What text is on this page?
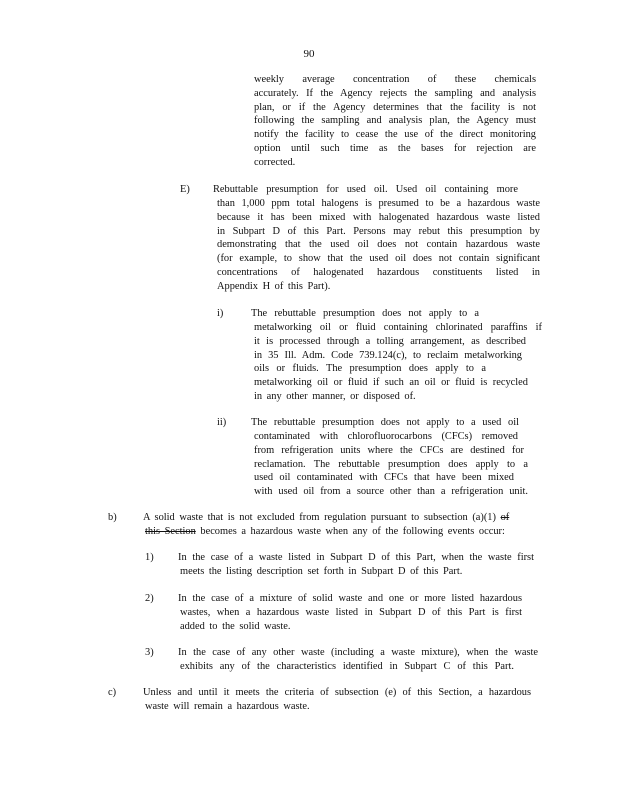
90
weekly average concentration of these chemicals
accurately. If the Agency rejects the sampling and analysis
plan, or if the Agency determines that the facility is not
following the sampling and analysis plan, the Agency must
notify the facility to cease the use of the direct monitoring
option until such time as the bases for rejection are
corrected.
E) Rebuttable presumption for used oil. Used oil containing more
than 1,000 ppm total halogens is presumed to be a hazardous waste
because it has been mixed with halogenated hazardous waste listed
in Subpart D of this Part. Persons may rebut this presumption by
demonstrating that the used oil does not contain hazardous waste
(for example, to show that the used oil does not contain significant
concentrations of halogenated hazardous constituents listed in
Appendix H of this Part).
i)	The rebuttable presumption does not apply to a
metalworking oil or fluid containing chlorinated paraffins if
it is processed through a tolling arrangement, as described
in 35 Ill. Adm. Code 739.124(c), to reclaim metalworking
oils or fluids. The presumption does apply to a
metalworking oil or fluid if such an oil or fluid is recycled
in any other manner, or disposed of.
ii) The rebuttable presumption does not apply to a used oil
contaminated with chlorofluorocarbons (CFCs) removed
from refrigeration units where the CFCs are destined for
reclamation. The rebuttable presumption does apply to a
used oil contaminated with CFCs that have been mixed
with used oil from a source other than a refrigeration unit.
b)	A solid waste that is not excluded from regulation pursuant to subsection (a)(1) of
this Section becomes a hazardous waste when any of the following events occur:
1) In the case of a waste listed in Subpart D of this Part, when the waste first
meets the listing description set forth in Subpart D of this Part.
2) In the case of a mixture of solid waste and one or more listed hazardous
wastes, when a hazardous waste listed in Subpart D of this Part is first
added to the solid waste.
3) In the case of any other waste (including a waste mixture), when the waste
exhibits any of the characteristics identified in Subpart C of this Part.
c)	Unless and until it meets the criteria of subsection (e) of this Section, a hazardous
waste will remain a hazardous waste.
